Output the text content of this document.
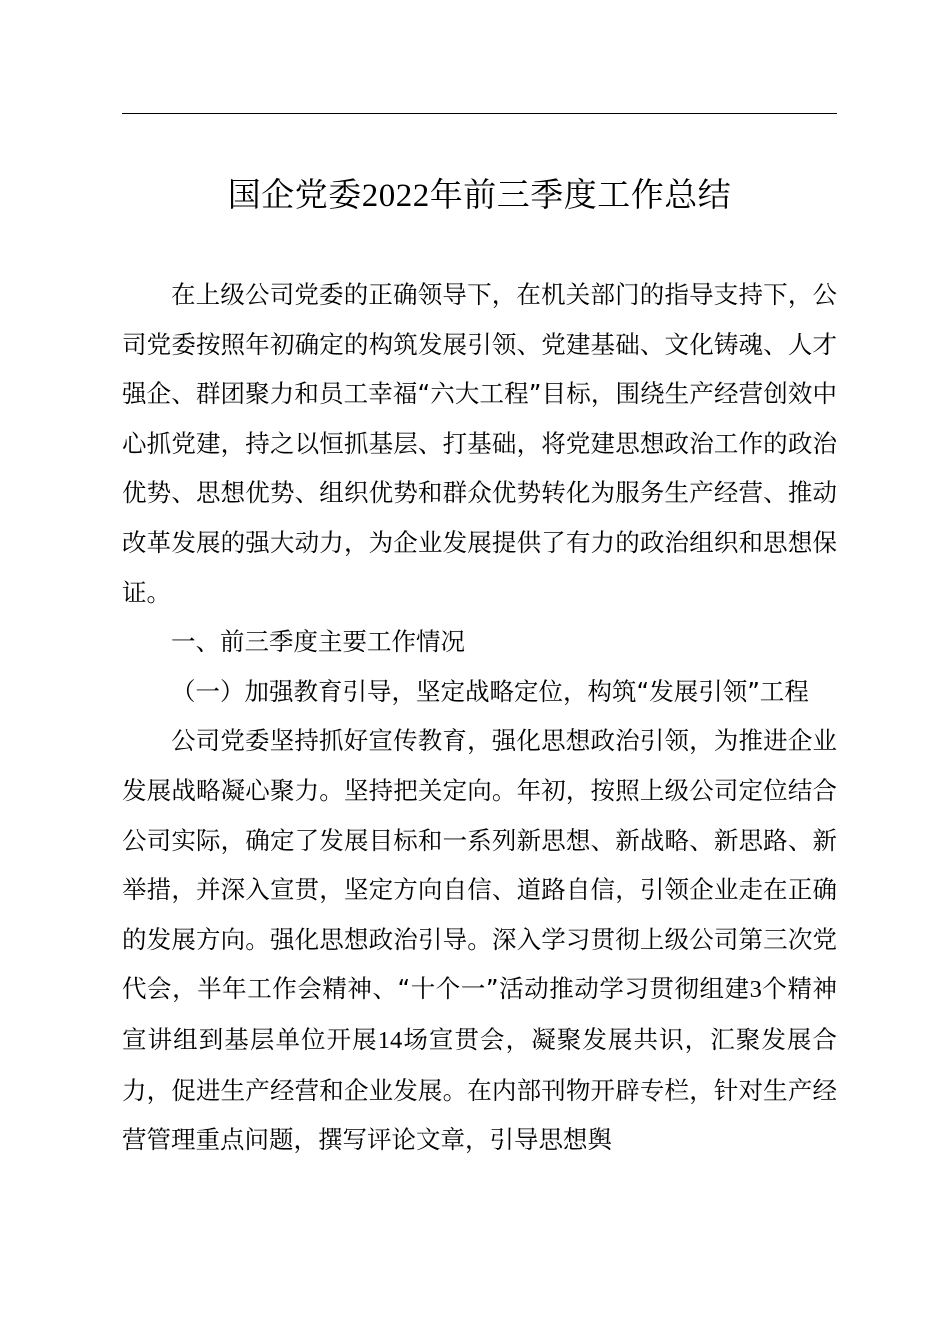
国企党委2022年前三季度工作总结

在上级公司党委的正确领导下，在机关部门的指导支持下，公司党委按照年初确定的构筑发展引领、党建基础、文化铸魂、人才强企、群团聚力和员工幸福“六大工程”目标，围绕生产经营创效中心抓党建，持之以恒抓基层、打基础，将党建思想政治工作的政治优势、思想优势、组织优势和群众优势转化为服务生产经营、推动改革发展的强大动力，为企业发展提供了有力的政治组织和思想保证。

一、前三季度主要工作情况

（一）加强教育引导，坚定战略定位，构筑“发展引领”工程

公司党委坚持抓好宣传教育，强化思想政治引领，为推进企业发展战略凝心聚力。坚持把关定向。年初，按照上级公司定位结合公司实际，确定了发展目标和一系列新思想、新战略、新思路、新举措，并深入宣贯，坚定方向自信、道路自信，引领企业走在正确的发展方向。强化思想政治引导。深入学习贯彻上级公司第三次党代会，半年工作会精神、“十个一”活动推动学习贯彻组建3个精神宣讲组到基层单位开展14场宣贯会，凝聚发展共识，汇聚发展合力，促进生产经营和企业发展。在内部刊物开辟专栏，针对生产经营管理重点问题，撰写评论文章，引导思想舆
